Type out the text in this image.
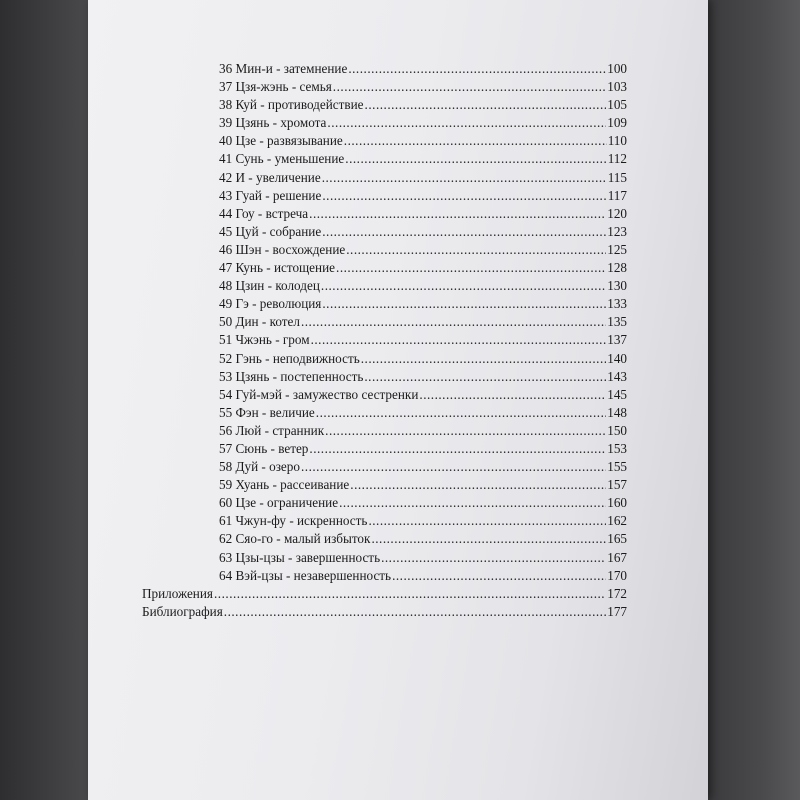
36 Мин-и - затемнение .....	100
37 Цзя-жэнь - семья .....	103
38 Куй - противодействие .....	105
39 Цзянь - хромота .....	109
40 Цзе - развязывание .....	110
41 Сунь - уменьшение .....	112
42 И - увеличение .....	115
43 Гуай - решение .....	117
44 Гоу - встреча .....	120
45 Цуй - собрание .....	123
46 Шэн - восхождение .....	125
47 Кунь - истощение .....	128
48 Цзин - колодец .....	130
49 Гэ - революция .....	133
50 Дин - котел .....	135
51 Чжэнь - гром .....	137
52 Гэнь - неподвижность .....	140
53 Цзянь - постепенность .....	143
54 Гуй-мэй - замужество сестренки .....	145
55 Фэн - величие .....	148
56 Люй - странник .....	150
57 Сюнь - ветер .....	153
58 Дуй - озеро .....	155
59 Хуань - рассеивание .....	157
60 Цзе - ограничение .....	160
61 Чжун-фу - искренность .....	162
62 Сяо-го - малый избыток .....	165
63 Цзы-цзы - завершенность .....	167
64 Вэй-цзы - незавершенность .....	170
Приложения .....	172
Библиография .....	177
